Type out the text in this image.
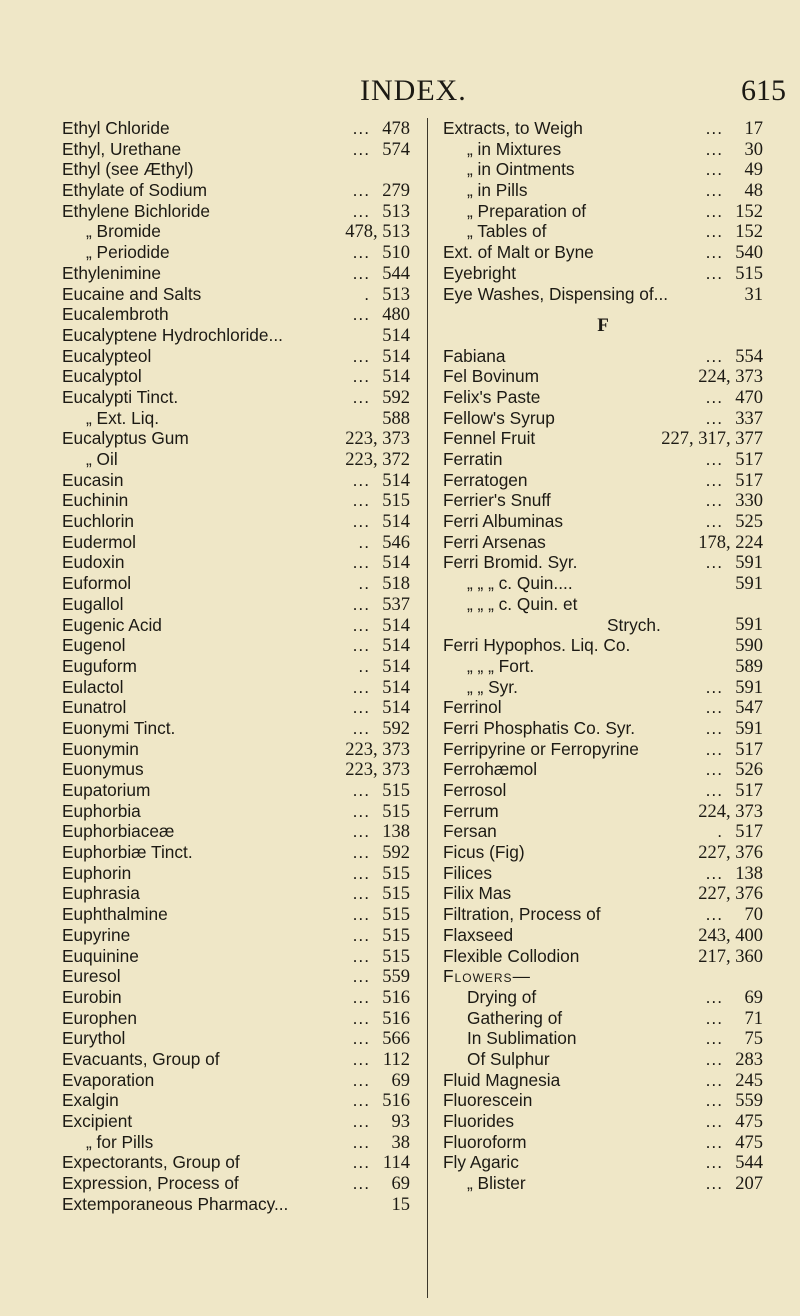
INDEX.	615
Ethyl Chloride	... 478
Ethyl, Urethane	... 574
Ethyl (see Æthyl)
Ethylate of Sodium	... 279
Ethylene Bichloride	... 513
„ Bromide	478, 513
„ Periodide	... 510
Ethylenimine	... 544
Eucaine and Salts	. 513
Eucalembroth	... 480
Eucalyptene Hydrochloride...	514
Eucalypteol	... 514
Eucalyptol	... 514
Eucalypti Tinct.	... 592
„ Ext. Liq.	588
Eucalyptus Gum	223, 373
„ Oil	223, 372
Eucasin	... 514
Euchinin	... 515
Euchlorin	... 514
Eudermol	.. 546
Eudoxin	... 514
Euformol	.. 518
Eugallol	... 537
Eugenic Acid	... 514
Eugenol	... 514
Euguform	.. 514
Eulactol	... 514
Eunatrol	... 514
Euonymi Tinct.	... 592
Euonymin	223, 373
Euonymus	223, 373
Eupatorium	... 515
Euphorbia	... 515
Euphorbiaceæ	... 138
Euphorbiæ Tinct.	... 592
Euphorin	... 515
Euphrasia	... 515
Euphthalmine	... 515
Eupyrine	... 515
Euquinine	... 515
Euresol	... 559
Eurobin	... 516
Europhen	... 516
Eurythol	... 566
Evacuants, Group of	... 112
Evaporation	...	69
Exalgin	... 516
Excipient	...	93
„ for Pills	...	38
Expectorants, Group of	... 114
Expression, Process of	...	69
Extemporaneous Pharmacy...	15
Extracts, to Weigh	...	17
„ in Mixtures	...	30
„ in Ointments	...	49
„ in Pills	...	48
„ Preparation of	... 152
„ Tables of	... 152
Ext. of Malt or Byne	... 540
Eyebright	... 515
Eye Washes, Dispensing of...	31
F
Fabiana	... 554
Fel Bovinum	224, 373
Felix's Paste	... 470
Fellow's Syrup	... 337
Fennel Fruit	227, 317, 377
Ferratin	... 517
Ferratogen	... 517
Ferrier's Snuff	... 330
Ferri Albuminas	... 525
Ferri Arsenas	178, 224
Ferri Bromid. Syr.	... 591
„ „ „ c. Quin....	591
„ „ „ c. Quin. et
Strych.	591
Ferri Hypophos. Liq. Co.	590
„ „ „ Fort.	589
„ „ Syr.	... 591
Ferrinol	... 547
Ferri Phosphatis Co. Syr.	... 591
Ferripyrine or Ferropyrine	... 517
Ferrohæmol	... 526
Ferrosol	... 517
Ferrum	224, 373
Fersan	. 517
Ficus (Fig)	227, 376
Filices	... 138
Filix Mas	227, 376
Filtration, Process of	...	70
Flaxseed	243, 400
Flexible Collodion	217, 360
Flowers—
Drying of	...	69
Gathering of	...	71
In Sublimation	...	75
Of Sulphur	... 283
Fluid Magnesia	... 245
Fluorescein	... 559
Fluorides	... 475
Fluoroform	... 475
Fly Agaric	... 544
„ Blister	... 207
